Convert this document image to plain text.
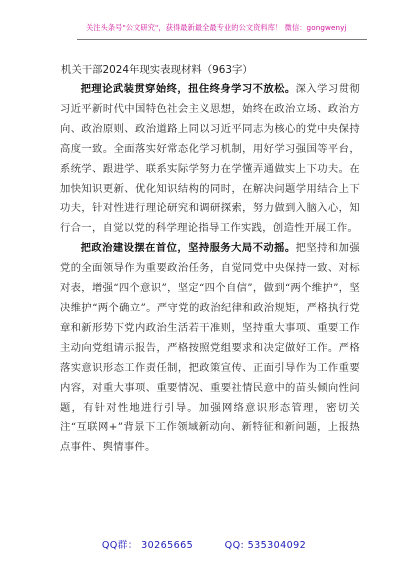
关注头条号"公文研究"，获得最新最全最专业的公文资料库！ 微信：gongwenyj
机关干部2024年现实表现材料（963字）

把理论武装贯穿始终，扭住终身学习不放松。深入学习贯彻习近平新时代中国特色社会主义思想，始终在政治立场、政治方向、政治原则、政治道路上同以习近平同志为核心的党中央保持高度一致。全面落实好常态化学习机制，用好学习强国等平台，系统学、跟进学、联系实际学努力在学懂弄通做实上下功夫。在加快知识更新、优化知识结构的同时，在解决问题学用结合上下功夫，针对性进行理论研究和调研探索，努力做到入脑入心，知行合一，自觉以党的科学理论指导工作实践，创造性开展工作。

把政治建设摆在首位，坚持服务大局不动摇。把坚持和加强党的全面领导作为重要政治任务，自觉同党中央保持一致、对标对表，增强“四个意识”，坚定“四个自信”，做到“两个维护”，坚决维护“两个确立”。严守党的政治纪律和政治规矩，严格执行党章和新形势下党内政治生活若干准则，坚持重大事项、重要工作主动向党组请示报告，严格按照党组要求和决定做好工作。严格落实意识形态工作责任制，把政策宣传、正面引导作为工作重要内容，对重大事项、重要情况、重要社情民意中的苗头倾向性问题，有针对性地进行引导。加强网络意识形态管理，密切关注“互联网+”背景下工作领域新动向、新特征和新问题，上报热点事件、舆情事件。

QQ群： 30265665	QQ: 535304092
